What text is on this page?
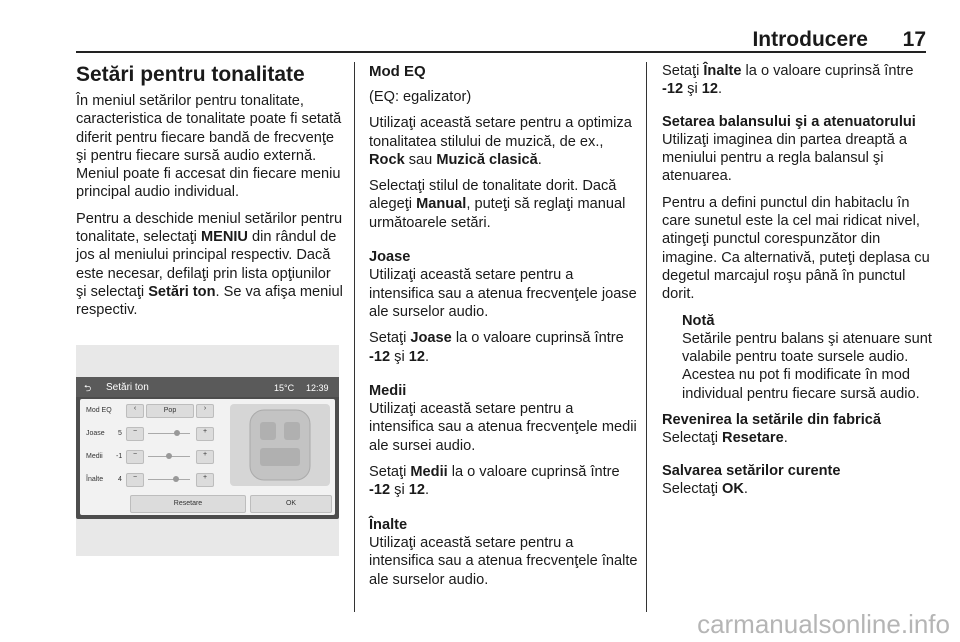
Introducere 17
Setări pentru tonalitate

În meniul setărilor pentru tonalitate, caracteristica de tonalitate poate fi setată diferit pentru fiecare bandă de frecvenţe şi pentru fiecare sursă audio externă. Meniul poate fi accesat din fiecare meniu principal audio individual.

Pentru a deschide meniul setărilor pentru tonalitate, selectaţi MENIU din rândul de jos al meniului principal respectiv. Dacă este necesar, defilaţi prin lista opţiunilor şi selectaţi Setări ton. Se va afişa meniul respectiv.

⮌ Setări ton	15°C 12:39
Mod EQ	‹	Pop	›
Joase 5	−	+
Medii -1	−	+
Înalte 4	−	+
Resetare	OK
Mod EQ

(EQ: egalizator)

Utilizaţi această setare pentru a optimiza tonalitatea stilului de muzică, de ex., Rock sau Muzică clasică.

Selectaţi stilul de tonalitate dorit. Dacă alegeţi Manual, puteţi să reglaţi manual următoarele setări.

Joase
Utilizaţi această setare pentru a intensifica sau a atenua frecvenţele joase ale surselor audio.

Setaţi Joase la o valoare cuprinsă între -12 şi 12.

Medii
Utilizaţi această setare pentru a intensifica sau a atenua frecvenţele medii ale sursei audio.

Setaţi Medii la o valoare cuprinsă între -12 şi 12.

Înalte
Utilizaţi această setare pentru a intensifica sau a atenua frecvenţele înalte ale surselor audio.

Setaţi Înalte la o valoare cuprinsă între -12 şi 12.

Setarea balansului şi a atenuatorului
Utilizaţi imaginea din partea dreaptă a meniului pentru a regla balansul şi atenuarea.

Pentru a defini punctul din habitaclu în care sunetul este la cel mai ridicat nivel, atingeţi punctul corespunzător din imagine. Ca alternativă, puteţi deplasa cu degetul marcajul roşu până în punctul dorit.

Notă
Setările pentru balans şi atenuare sunt valabile pentru toate sursele audio. Acestea nu pot fi modificate în mod individual pentru fiecare sursă audio.

Revenirea la setările din fabrică
Selectaţi Resetare.

Salvarea setărilor curente
Selectaţi OK.

carmanualsonline.info
